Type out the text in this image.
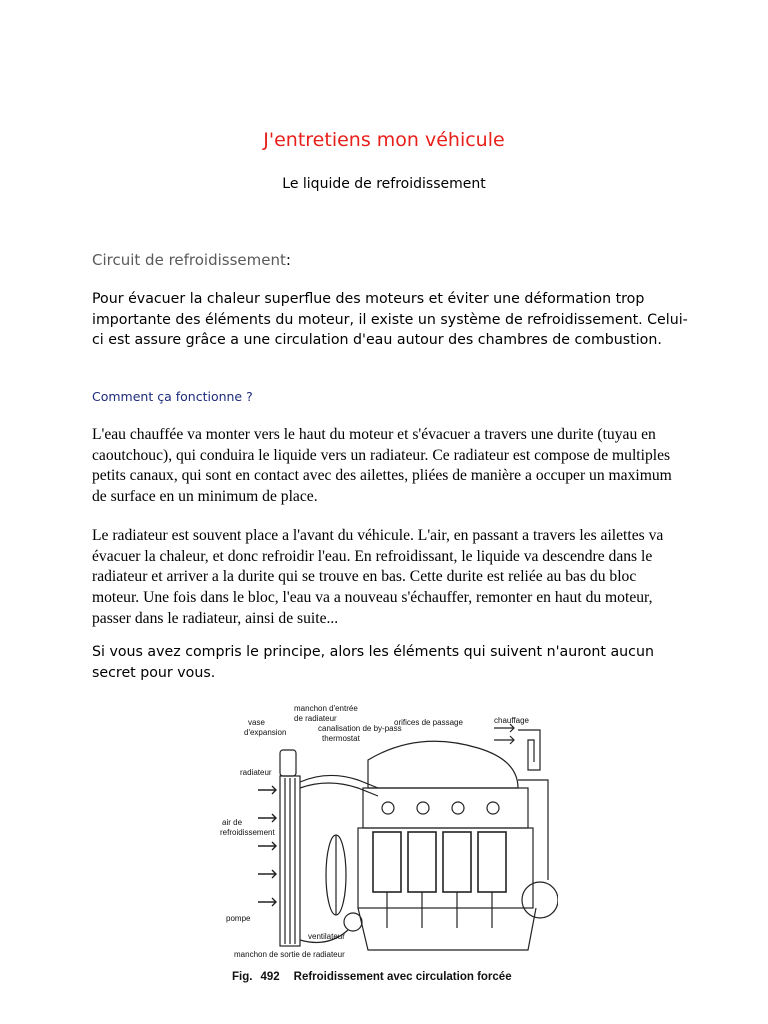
J'entretiens mon véhicule
Le liquide de refroidissement
Circuit de refroidissement:
Pour évacuer la chaleur superflue des moteurs et éviter une déformation trop importante des éléments du moteur, il existe un système de refroidissement. Celui-ci est assure grâce a une circulation d'eau autour des chambres de combustion.
Comment ça fonctionne ?
L'eau chauffée va monter vers le haut du moteur et s'évacuer a travers une durite (tuyau en caoutchouc), qui conduira le liquide vers un radiateur. Ce radiateur est compose de multiples petits canaux, qui sont en contact avec des ailettes, pliées de manière a occuper un maximum de surface en un minimum de place.
Le radiateur est souvent place a l'avant du véhicule. L'air, en passant a travers les ailettes va évacuer la chaleur, et donc refroidir l'eau. En refroidissant, le liquide va descendre dans le radiateur et arriver a la durite qui se trouve en bas. Cette durite est reliée au bas du bloc moteur. Une fois dans le bloc, l'eau va a nouveau s'échauffer, remonter en haut du moteur, passer dans le radiateur, ainsi de suite...
Si vous avez compris le principe, alors les éléments qui suivent n'auront aucun secret pour vous.
vase
d'expansion
manchon d'entrée
de radiateur
canalisation de by-pass
thermostat
orifices de passage	chauffage
radiateur
air de
refroidissement
pompe
ventilateur
manchon de sortie de radiateur
Fig. 492 Refroidissement avec circulation forcée
